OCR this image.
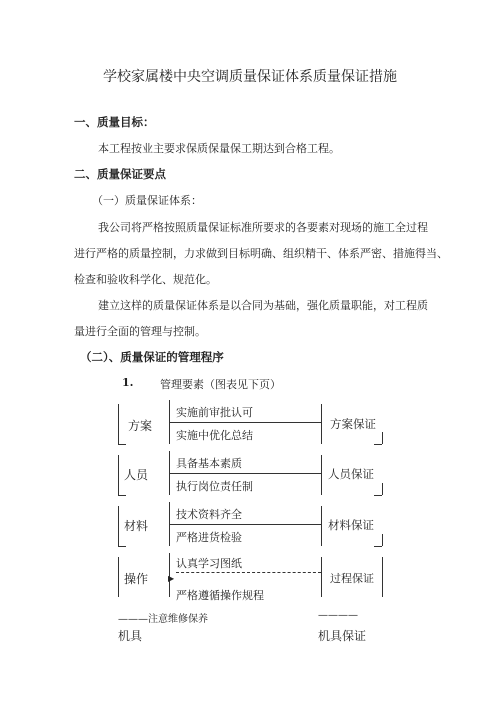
学校家属楼中央空调质量保证体系质量保证措施
一、质量目标：
本工程按业主要求保质保量保工期达到合格工程。
二、质量保证要点
（一）质量保证体系：
我公司将严格按照质量保证标准所要求的各要素对现场的施工全过程
进行严格的质量控制，力求做到目标明确、组织精干、体系严密、措施得当、
检查和验收科学化、规范化。
建立这样的质量保证体系是以合同为基础，强化质量职能，对工程质
量进行全面的管理与控制。
（二）、质量保证的管理程序
1. 管理要素（图表见下页）
方案
实施前审批认可
实施中优化总结
方案保证
人员
具备基本素质
执行岗位责任制
人员保证
材料
技术资料齐全
严格进货检验
材料保证
操作
认真学习图纸
▶
严格遵循操作规程
过程保证
———注意维修保养	————
机具	机具保证
